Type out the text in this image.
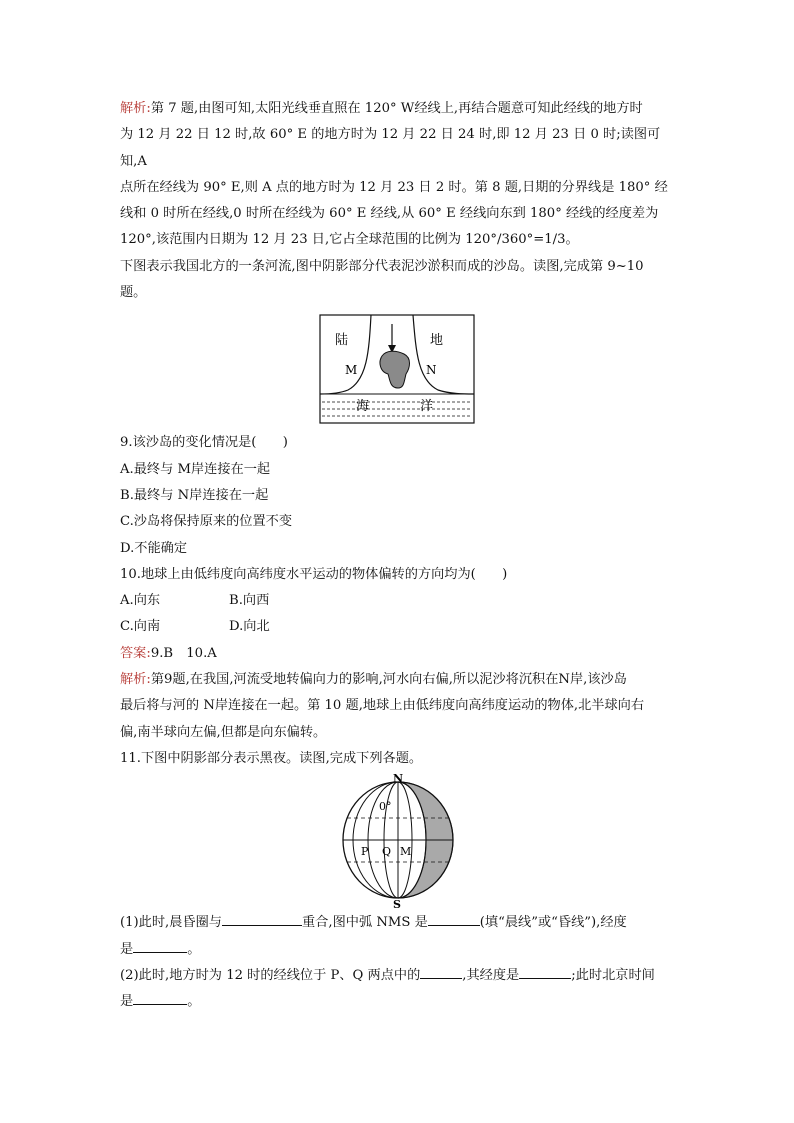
解析:第 7 题,由图可知,太阳光线垂直照在 120° W经线上,再结合题意可知此经线的地方时
为 12 月 22 日 12 时,故 60° E 的地方时为 12 月 22 日 24 时,即 12 月 23 日 0 时;读图可知,A
点所在经线为 90° E,则 A 点的地方时为 12 月 23 日 2 时。第 8 题,日期的分界线是 180° 经
线和 0 时所在经线,0 时所在经线为 60° E 经线,从 60° E 经线向东到 180° 经线的经度差为
120°,该范围内日期为 12 月 23 日,它占全球范围的比例为 120°/360°=1/3。

下图表示我国北方的一条河流,图中阴影部分代表泥沙淤积而成的沙岛。读图,完成第 9~10
题。

陆	地
M	N
海	洋

9.该沙岛的变化情况是(　　)
A.最终与 M岸连接在一起
B.最终与 N岸连接在一起
C.沙岛将保持原来的位置不变
D.不能确定

10.地球上由低纬度向高纬度水平运动的物体偏转的方向均为(　　)
A.向东	B.向西
C.向南	D.向北

答案:9.B　10.A

解析:第9题,在我国,河流受地转偏向力的影响,河水向右偏,所以泥沙将沉积在N岸,该沙岛
最后将与河的 N岸连接在一起。第 10 题,地球上由低纬度向高纬度运动的物体,北半球向右
偏,南半球向左偏,但都是向东偏转。

11.下图中阴影部分表示黑夜。读图,完成下列各题。

N
S
0°
P Q M

(1)此时,晨昏圈与	重合,图中弧 NMS 是	(填“晨线”或“昏线”),经度
是	。
(2)此时,地方时为 12 时的经线位于 P、Q 两点中的	,其经度是	;此时北京时间
是	。
